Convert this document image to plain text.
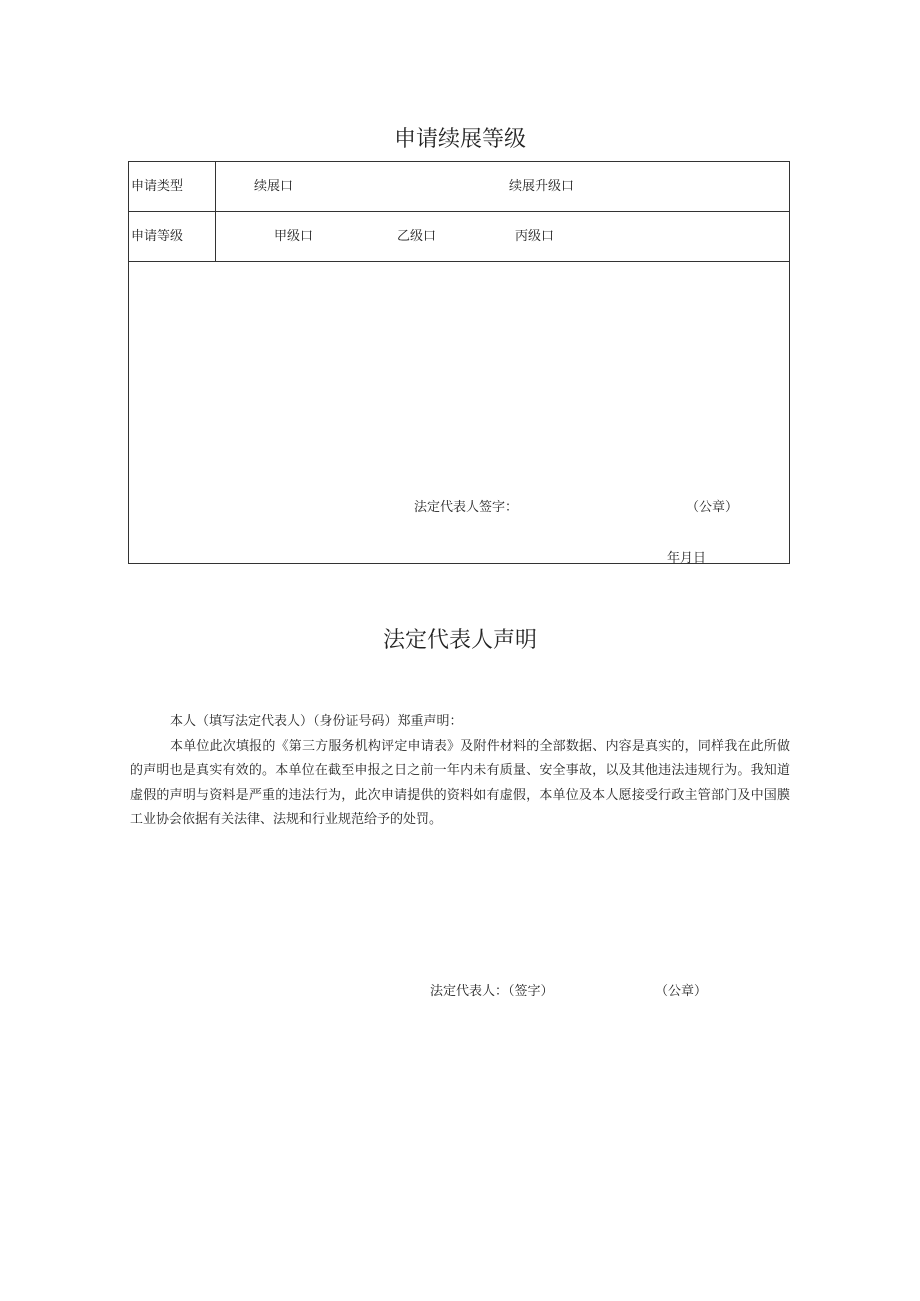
申请续展等级
申请类型	续展口	续展升级口
申请等级	甲级口	乙级口	丙级口
法定代表人签字：	（公章）
年月日
法定代表人声明

本人（填写法定代表人）（身份证号码）郑重声明：

本单位此次填报的《第三方服务机构评定申请表》及附件材料的全部数据、内容是真实的，同样我在此所做的声明也是真实有效的。本单位在截至申报之日之前一年内未有质量、安全事故，以及其他违法违规行为。我知道虚假的声明与资料是严重的违法行为，此次申请提供的资料如有虚假，本单位及本人愿接受行政主管部门及中国膜工业协会依据有关法律、法规和行业规范给予的处罚。

法定代表人：（签字）	（公章）
